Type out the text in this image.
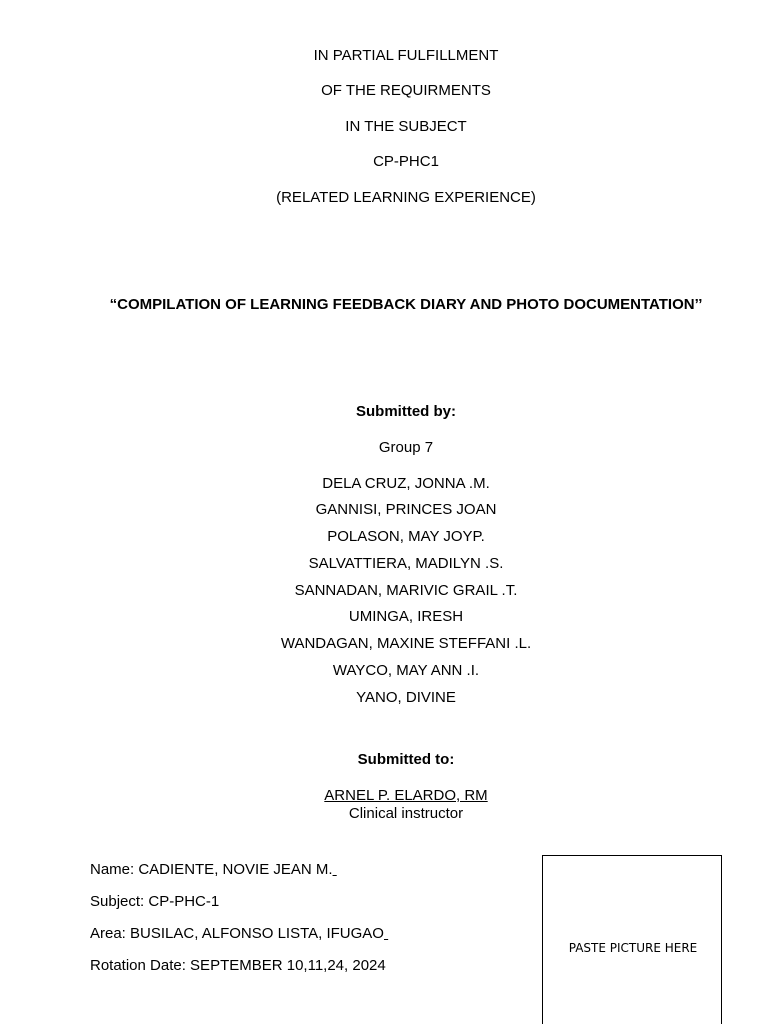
IN PARTIAL FULFILLMENT
OF THE REQUIRMENTS
IN THE SUBJECT
CP-PHC1
(RELATED LEARNING EXPERIENCE)
“COMPILATION OF LEARNING FEEDBACK DIARY AND PHOTO DOCUMENTATION’’
Submitted by:
Group 7
DELA CRUZ, JONNA .M.
GANNISI, PRINCES JOAN
POLASON, MAY JOYP.
SALVATTIERA, MADILYN .S.
SANNADAN, MARIVIC GRAIL .T.
UMINGA, IRESH
WANDAGAN, MAXINE STEFFANI .L.
WAYCO, MAY ANN .I.
YANO, DIVINE
Submitted to:
ARNEL P. ELARDO, RM
Clinical instructor
Name: CADIENTE, NOVIE JEAN M.
Subject: CP-PHC-1
Area: BUSILAC, ALFONSO LISTA, IFUGAO
Rotation Date: SEPTEMBER 10,11,24, 2024
PASTE PICTURE HERE
